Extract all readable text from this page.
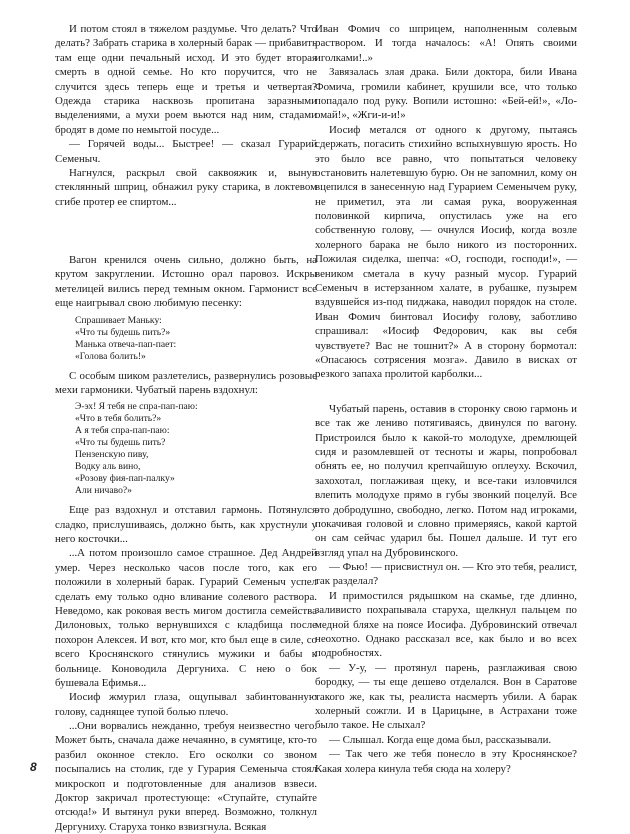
И потом стоял в тяжелом раздумье. Что делать? Что делать? Забрать старика в холерный барак — прибавить там еще одни печальный исход. И это будет вторая смерть в одной семье. Но кто поручится, что не случится здесь теперь еще и третья и четвертая? Одежда старика насквозь пропитана заразными выделениями, а мухи роем вьются над ним, стадами бродят в доме по немытой посуде...

— Горячей воды... Быстрее! — сказал Гурарий Семеныч.

Нагнулся, раскрыл свой саквояжик и, вынув стеклянный шприц, обнажил руку старика, в локтевом сгибе протер ее спиртом...

Вагон кренился очень сильно, должно быть, на крутом закруглении. Истошно орал паровоз. Искры метелицей вились перед темным окном. Гармонист все еще наигрывал свою любимую песенку:

Спрашивает Маньку:
«Что ты будешь пить?»
Манька отвеча-пап-пает:
«Голова болить!»

С особым шиком разлетелись, развернулись розовые мехи гармоники. Чубатый парень вздохнул:

Э-эх! Я тебя не спра-пап-паю:
«Что в тебя болить?»
А я тебя спра-пап-паю:
«Что ты будешь пить?
Пензенскую пиву,
Водку аль вино,
«Розову фия-пап-палку»
Али ничаво?»

Еще раз вздохнул и отставил гармонь. Потянулся сладко, прислушиваясь, должно быть, как хрустнули у него косточки...

...А потом произошло самое страшное. Дед Андрей умер. Через несколько часов после того, как его положили в холерный барак. Гурарий Семеныч успел сделать ему только одно вливание солевого раствора. Неведомо, как роковая весть мигом достигла семейства Дилоновых, только вернувшихся с кладбища после похорон Алексея. И вот, кто мог, кто был еще в силе, со всего Кроснянского стянулись мужики и бабы к больнице. Коноводила Дергуниха. С нею о бок бушевала Ефимья...

Иосиф жмурил глаза, ощупывал забинтованную голову, саднящее тупой болью плечо.

...Они ворвались нежданно, требуя неизвестно чего. Может быть, сначала даже нечаянно, в сумятице, кто-то разбил оконное стекло. Его осколки со звоном посыпались на столик, где у Гурария Семеныча стоял микроскоп и подготовленные для анализов взвеси. Доктор закричал протестующе: «Ступайте, ступайте отсюда!» И вытянул руки вперед. Возможно, толкнул Дергуниху. Старуха тонко взвизгнула. Всякая

Иван Фомич со шприцем, наполненным солевым раствором. И тогда началось: «А! Опять своими иголками!..»

Завязалась злая драка. Били доктора, били Ивана Фомича, громили кабинет, крушили все, что только попадало под руку. Вопили истошно: «Бей-ей!», «Ло-омай!», «Жги-и-и!»

Иосиф метался от одного к другому, пытаясь сдержать, погасить стихийно вспыхнувшую ярость. Но это было все равно, что попытаться человеку остановить налетевшую бурю. Он не запомнил, кому он вцепился в занесенную над Гурарием Семенычем руку, не приметил, эта ли самая рука, вооруженная половинкой кирпича, опустилась уже на его собственную голову, — очнулся Иосиф, когда возле холерного барака не было никого из посторонних. Пожилая сиделка, шепча: «О, господи, господи!», — веником сметала в кучу разный мусор. Гурарий Семеныч в истерзанном халате, в рубашке, пузырем вздувшейся из-под пиджака, наводил порядок на столе. Иван Фомич бинтовал Иосифу голову, заботливо спрашивал: «Иосиф Федорович, как вы себя чувствуете? Вас не тошнит?» А в сторону бормотал: «Опасаюсь сотрясения мозга». Давило в висках от резкого запаха пролитой карболки...

Чубатый парень, оставив в сторонку свою гармонь и все так же лениво потягиваясь, двинулся по вагону. Пристроился было к какой-то молодухе, дремлющей сидя и разомлевшей от тесноты и жары, попробовал обнять ее, но получил крепчайшую оплеуху. Вскочил, захохотал, поглаживая щеку, и все-таки изловчился влепить молодухе прямо в губы звонкий поцелуй. Все это добродушно, свободно, легко. Потом над игроками, покачивая головой и словно примеряясь, какой картой он сам сейчас ударил бы. Пошел дальше. И тут его взгляд упал на Дубровинского.

— Фью! — присвистнул он. — Кто это тебя, реалист, так разделал?

И примостился рядышком на скамье, где длинно, заливисто похрапывала старуха, щелкнул пальцем по медной бляхе на поясе Иосифа. Дубровинский отвечал неохотно. Однако рассказал все, как было и во всех подробностях.

— У-у, — протянул парень, разглаживая свою бородку, — ты еще дешево отделался. Вон в Саратове такого же, как ты, реалиста насмерть убили. А барак холерный сожгли. И в Царицыне, в Астрахани тоже было такое. Не слыхал?

— Слышал. Когда еще дома был, рассказывали.

— Так чего же тебя понесло в эту Кроснянское? Какая холера кинула тебя сюда на холеру?

8
